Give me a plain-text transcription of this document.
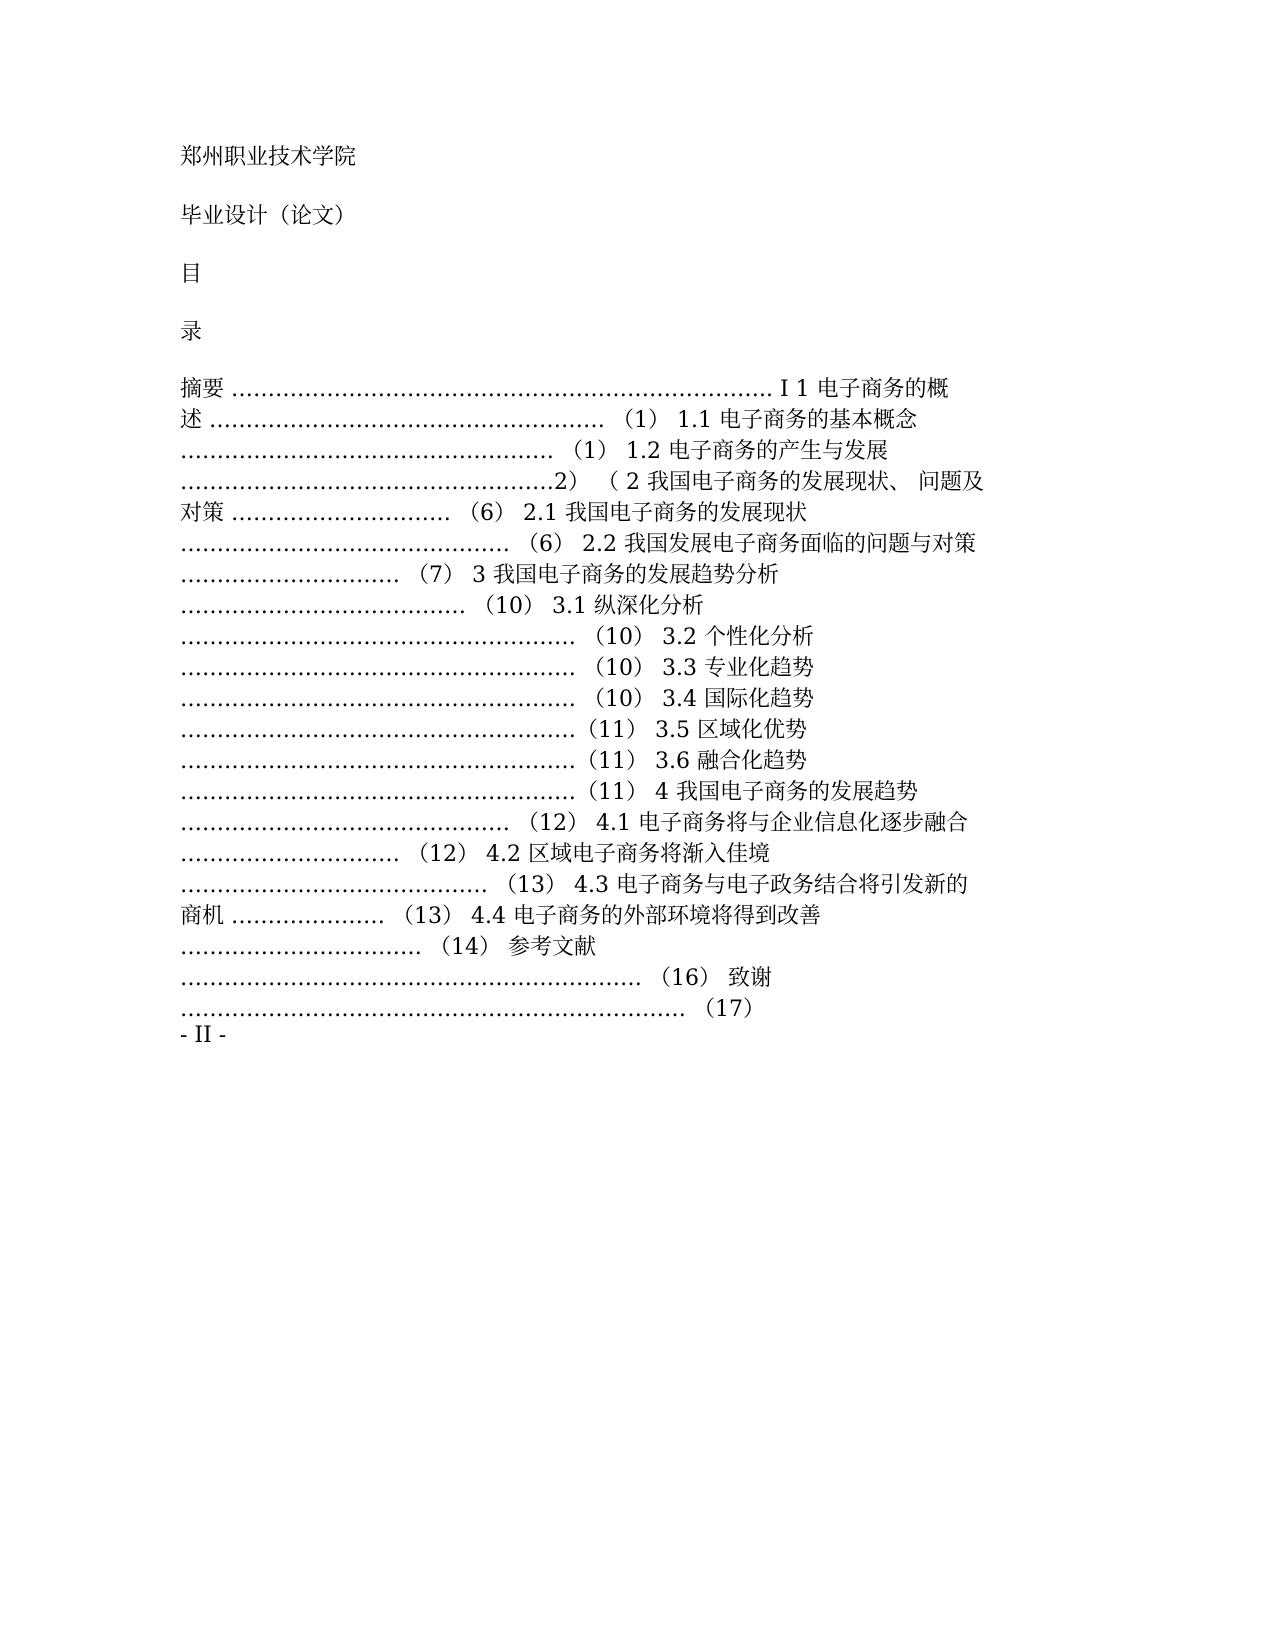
郑州职业技术学院
毕业设计（论文）
目
录
摘要 ……………………………………………………………….. Ⅰ 1 电子商务的概
述 ……………………………………………… （1） 1.1 电子商务的基本概念
…………………………………………… （1） 1.2 电子商务的产生与发展
……………………………………………2） （ 2 我国电子商务的发展现状、 问题及
对策 ………………………… （6） 2.1 我国电子商务的发展现状
……………………………………… （6） 2.2 我国发展电子商务面临的问题与对策
………………………… （7） 3 我国电子商务的发展趋势分析
………………………………… （10） 3.1 纵深化分析
……………………………………………… （10） 3.2 个性化分析
……………………………………………… （10） 3.3 专业化趋势
……………………………………………… （10） 3.4 国际化趋势
………………………………………………（11） 3.5 区域化优势
………………………………………………（11） 3.6 融合化趋势
………………………………………………（11） 4 我国电子商务的发展趋势
……………………………………… （12） 4.1 电子商务将与企业信息化逐步融合
………………………… （12） 4.2 区域电子商务将渐入佳境
…………………………………… （13） 4.3 电子商务与电子政务结合将引发新的
商机 ………………… （13） 4.4 电子商务的外部环境将得到改善
…………………………… （14） 参考文献
……………………………………………………… （16） 致谢
…………………………………………………………… （17）
- II -
